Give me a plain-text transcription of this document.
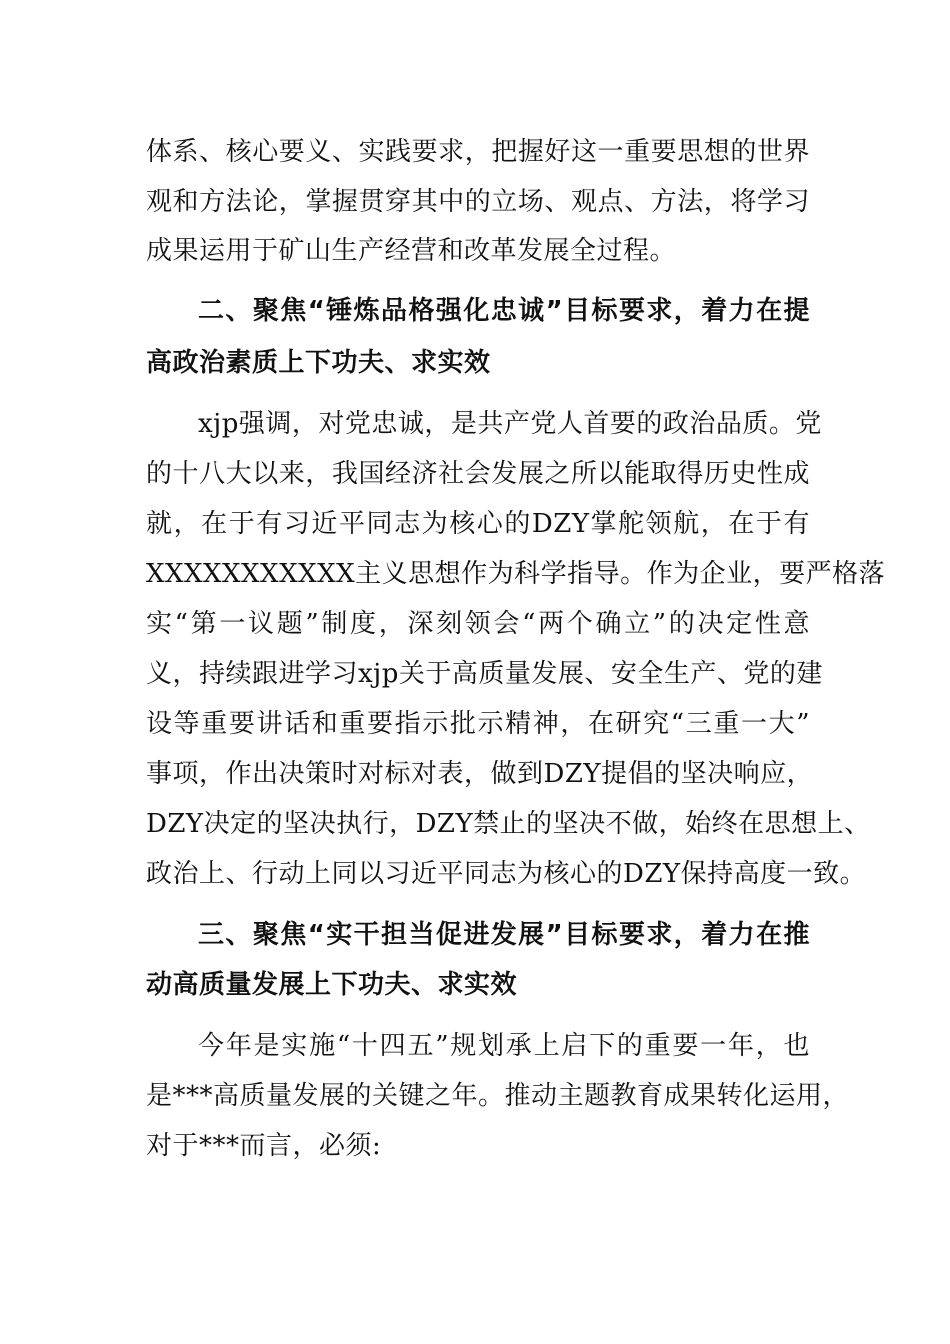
体系、核心要义、实践要求，把握好这一重要思想的世界
观和方法论，掌握贯穿其中的立场、观点、方法，将学习
成果运用于矿山生产经营和改革发展全过程。
二、聚焦“锤炼品格强化忠诚”目标要求，着力在提
高政治素质上下功夫、求实效
xjp强调，对党忠诚，是共产党人首要的政治品质。党
的十八大以来，我国经济社会发展之所以能取得历史性成
就，在于有习近平同志为核心的DZY掌舵领航，在于有
XXXXXXXXXXX主义思想作为科学指导。作为企业，要严格落
实“第一议题”制度，深刻领会“两个确立”的决定性意
义，持续跟进学习xjp关于高质量发展、安全生产、党的建
设等重要讲话和重要指示批示精神，在研究“三重一大”
事项，作出决策时对标对表，做到DZY提倡的坚决响应，
DZY决定的坚决执行，DZY禁止的坚决不做，始终在思想上、
政治上、行动上同以习近平同志为核心的DZY保持高度一致。
三、聚焦“实干担当促进发展”目标要求，着力在推
动高质量发展上下功夫、求实效
今年是实施“十四五”规划承上启下的重要一年，也
是***高质量发展的关键之年。推动主题教育成果转化运用，
对于***而言，必须:
